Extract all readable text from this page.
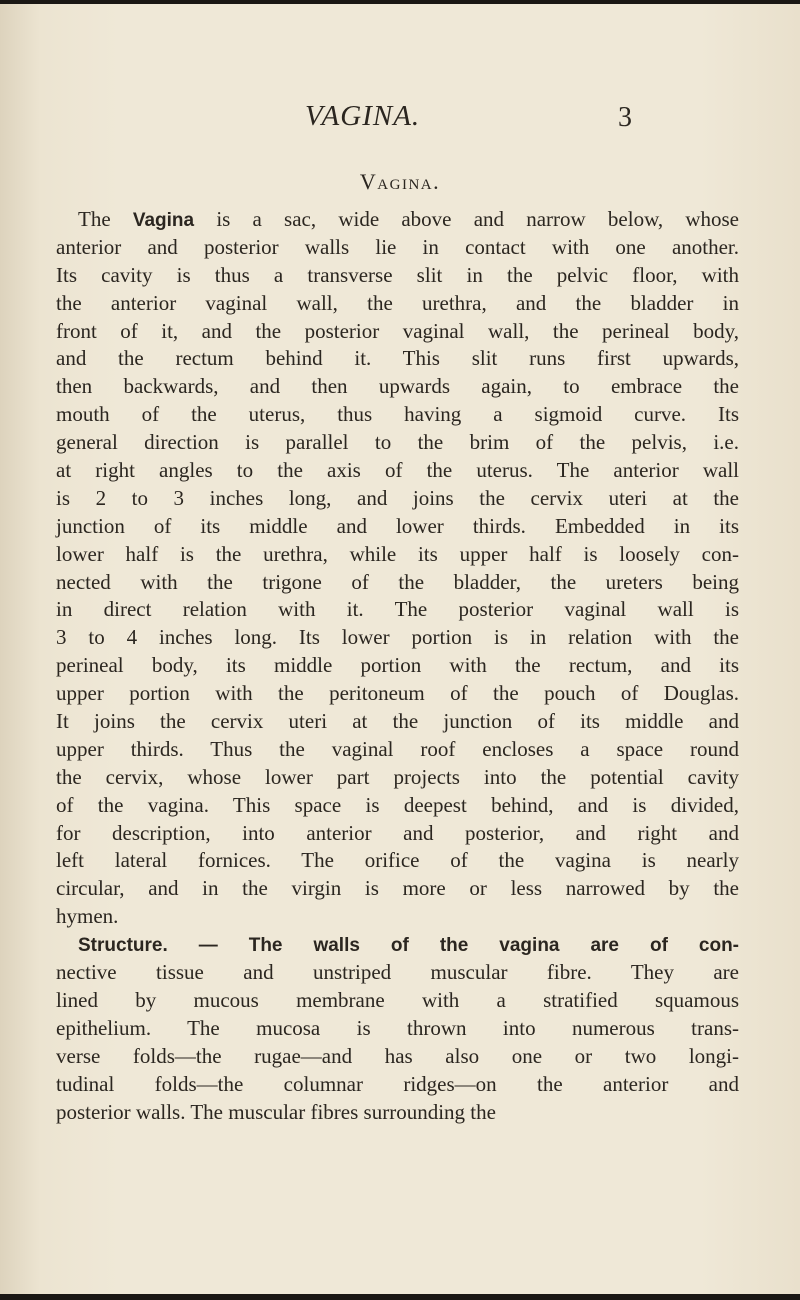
VAGINA.	3
Vagina.
The Vagina is a sac, wide above and narrow below, whose
anterior and posterior walls lie in contact with one another.
Its cavity is thus a transverse slit in the pelvic floor, with
the anterior vaginal wall, the urethra, and the bladder in
front of it, and the posterior vaginal wall, the perineal body,
and the rectum behind it. This slit runs first upwards,
then backwards, and then upwards again, to embrace the
mouth of the uterus, thus having a sigmoid curve. Its
general direction is parallel to the brim of the pelvis, i.e.
at right angles to the axis of the uterus. The anterior wall
is 2 to 3 inches long, and joins the cervix uteri at the
junction of its middle and lower thirds. Embedded in its
lower half is the urethra, while its upper half is loosely con-
nected with the trigone of the bladder, the ureters being
in direct relation with it. The posterior vaginal wall is
3 to 4 inches long. Its lower portion is in relation with the
perineal body, its middle portion with the rectum, and its
upper portion with the peritoneum of the pouch of Douglas.
It joins the cervix uteri at the junction of its middle and
upper thirds. Thus the vaginal roof encloses a space round
the cervix, whose lower part projects into the potential cavity
of the vagina. This space is deepest behind, and is divided,
for description, into anterior and posterior, and right and
left lateral fornices. The orifice of the vagina is nearly
circular, and in the virgin is more or less narrowed by the
hymen.
Structure. — The walls of the vagina are of con-
nective tissue and unstriped muscular fibre. They are
lined by mucous membrane with a stratified squamous
epithelium. The mucosa is thrown into numerous trans-
verse folds—the rugae—and has also one or two longi-
tudinal folds—the columnar ridges—on the anterior and
posterior walls. The muscular fibres surrounding the
